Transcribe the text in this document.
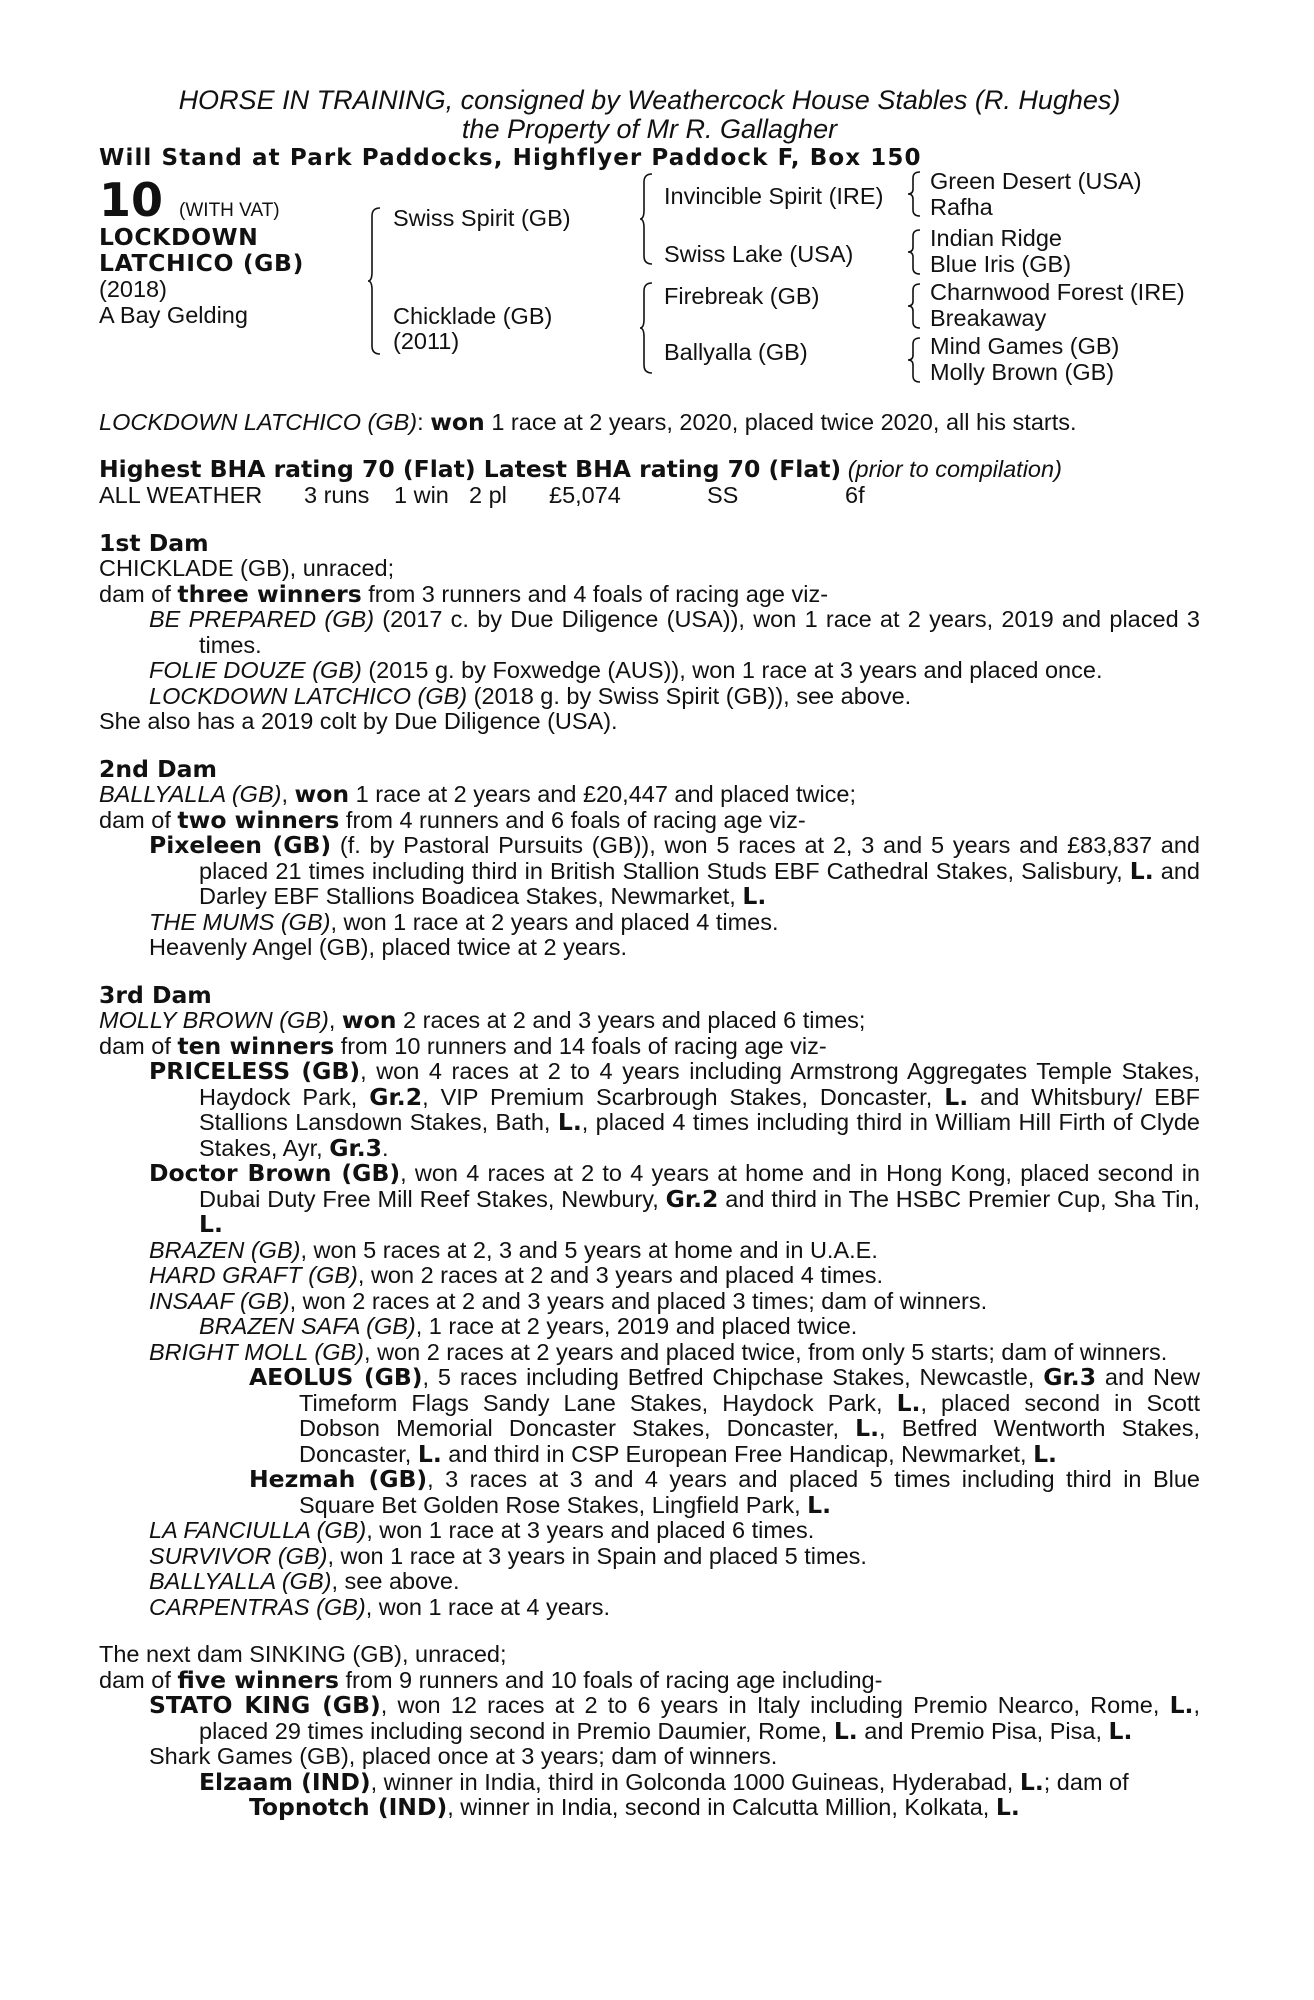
HORSE IN TRAINING, consigned by Weathercock House Stables (R. Hughes)
the Property of Mr R. Gallagher
Will Stand at Park Paddocks, Highflyer Paddock F, Box 150
10 (WITH VAT)
LOCKDOWN
LATCHICO (GB)
(2018)
A Bay Gelding
Swiss Spirit (GB)
Chicklade (GB)
(2011)
Invincible Spirit (IRE)
Swiss Lake (USA)
Firebreak (GB)
Ballyalla (GB)
Green Desert (USA)
Rafha
Indian Ridge
Blue Iris (GB)
Charnwood Forest (IRE)
Breakaway
Mind Games (GB)
Molly Brown (GB)

LOCKDOWN LATCHICO (GB): won 1 race at 2 years, 2020, placed twice 2020, all his starts.

Highest BHA rating 70 (Flat) Latest BHA rating 70 (Flat) (prior to compilation)

ALL WEATHER 3 runs 1 win 2 pl £5,074	SS	6f

1st Dam

CHICKLADE (GB), unraced;

dam of three winners from 3 runners and 4 foals of racing age viz-

BE PREPARED (GB) (2017 c. by Due Diligence (USA)), won 1 race at 2 years, 2019 and placed 3 times.

FOLIE DOUZE (GB) (2015 g. by Foxwedge (AUS)), won 1 race at 3 years and placed once.

LOCKDOWN LATCHICO (GB) (2018 g. by Swiss Spirit (GB)), see above.

She also has a 2019 colt by Due Diligence (USA).

2nd Dam

BALLYALLA (GB), won 1 race at 2 years and £20,447 and placed twice;

dam of two winners from 4 runners and 6 foals of racing age viz-

Pixeleen (GB) (f. by Pastoral Pursuits (GB)), won 5 races at 2, 3 and 5 years and £83,837 and placed 21 times including third in British Stallion Studs EBF Cathedral Stakes, Salisbury, L. and Darley EBF Stallions Boadicea Stakes, Newmarket, L.

THE MUMS (GB), won 1 race at 2 years and placed 4 times.

Heavenly Angel (GB), placed twice at 2 years.

3rd Dam

MOLLY BROWN (GB), won 2 races at 2 and 3 years and placed 6 times;

dam of ten winners from 10 runners and 14 foals of racing age viz-

PRICELESS (GB), won 4 races at 2 to 4 years including Armstrong Aggregates Temple Stakes, Haydock Park, Gr.2, VIP Premium Scarbrough Stakes, Doncaster, L. and Whitsbury/ EBF Stallions Lansdown Stakes, Bath, L., placed 4 times including third in William Hill Firth of Clyde Stakes, Ayr, Gr.3.

Doctor Brown (GB), won 4 races at 2 to 4 years at home and in Hong Kong, placed second in Dubai Duty Free Mill Reef Stakes, Newbury, Gr.2 and third in The HSBC Premier Cup, Sha Tin, L.

BRAZEN (GB), won 5 races at 2, 3 and 5 years at home and in U.A.E.

HARD GRAFT (GB), won 2 races at 2 and 3 years and placed 4 times.

INSAAF (GB), won 2 races at 2 and 3 years and placed 3 times; dam of winners.

BRAZEN SAFA (GB), 1 race at 2 years, 2019 and placed twice.

BRIGHT MOLL (GB), won 2 races at 2 years and placed twice, from only 5 starts; dam of winners.

AEOLUS (GB), 5 races including Betfred Chipchase Stakes, Newcastle, Gr.3 and New Timeform Flags Sandy Lane Stakes, Haydock Park, L., placed second in Scott Dobson Memorial Doncaster Stakes, Doncaster, L., Betfred Wentworth Stakes, Doncaster, L. and third in CSP European Free Handicap, Newmarket, L.

Hezmah (GB), 3 races at 3 and 4 years and placed 5 times including third in Blue Square Bet Golden Rose Stakes, Lingfield Park, L.

LA FANCIULLA (GB), won 1 race at 3 years and placed 6 times.

SURVIVOR (GB), won 1 race at 3 years in Spain and placed 5 times.

BALLYALLA (GB), see above.

CARPENTRAS (GB), won 1 race at 4 years.

The next dam SINKING (GB), unraced;

dam of five winners from 9 runners and 10 foals of racing age including-

STATO KING (GB), won 12 races at 2 to 6 years in Italy including Premio Nearco, Rome, L., placed 29 times including second in Premio Daumier, Rome, L. and Premio Pisa, Pisa, L.

Shark Games (GB), placed once at 3 years; dam of winners.

Elzaam (IND), winner in India, third in Golconda 1000 Guineas, Hyderabad, L.; dam of

Topnotch (IND), winner in India, second in Calcutta Million, Kolkata, L.
